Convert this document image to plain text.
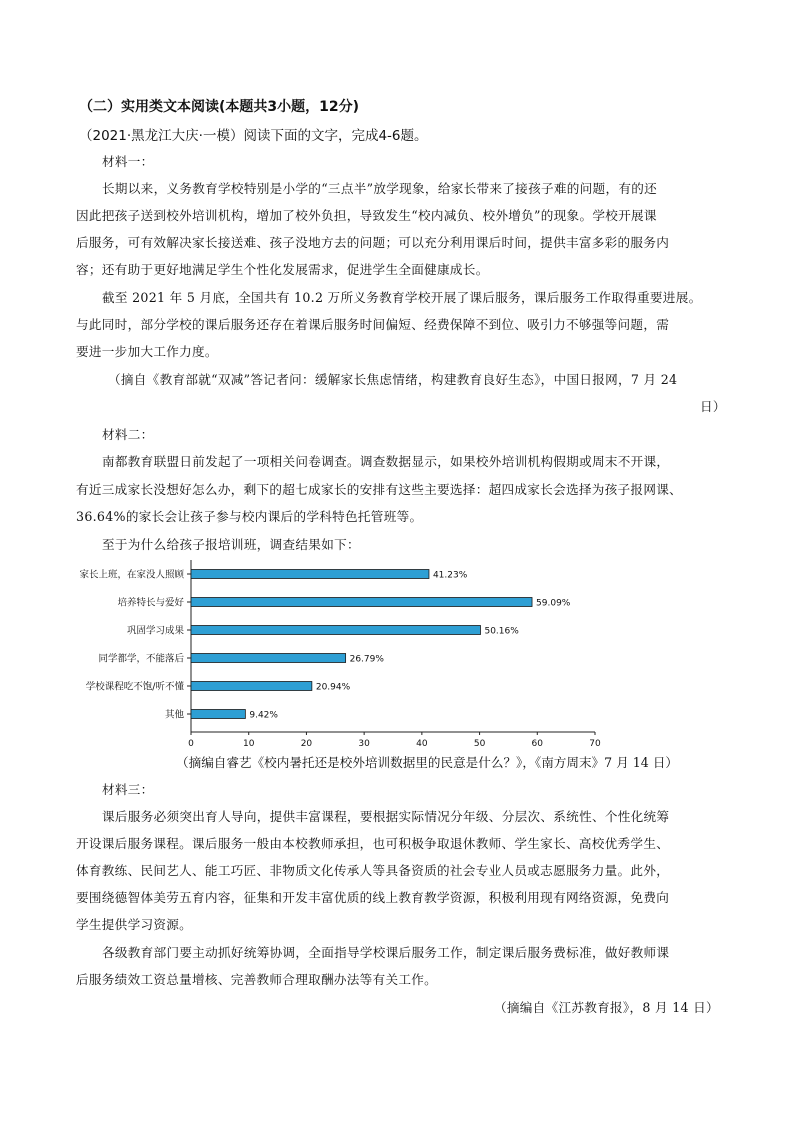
（二）实用类文本阅读(本题共3小题，12分)
（2021·黑龙江大庆·一模）阅读下面的文字，完成4-6题。
材料一：
长期以来，义务教育学校特别是小学的“三点半”放学现象，给家长带来了接孩子难的问题，有的还
因此把孩子送到校外培训机构，增加了校外负担，导致发生“校内减负、校外增负”的现象。学校开展课
后服务，可有效解决家长接送难、孩子没地方去的问题；可以充分利用课后时间，提供丰富多彩的服务内
容；还有助于更好地满足学生个性化发展需求，促进学生全面健康成长。
截至 2021 年 5 月底，全国共有 10.2 万所义务教育学校开展了课后服务，课后服务工作取得重要进展。
与此同时，部分学校的课后服务还存在着课后服务时间偏短、经费保障不到位、吸引力不够强等问题，需
要进一步加大工作力度。
（摘自《教育部就“双减”答记者问：缓解家长焦虑情绪，构建教育良好生态》，中国日报网，7 月 24
日）
材料二：
南都教育联盟日前发起了一项相关问卷调查。调查数据显示，如果校外培训机构假期或周末不开课，
有近三成家长没想好怎么办，剩下的超七成家长的安排有这些主要选择：超四成家长会选择为孩子报网课、
36.64%的家长会让孩子参与校内课后的学科特色托管班等。
至于为什么给孩子报培训班，调查结果如下：
家长上班，在家没人照顾	41.23%
培养特长与爱好	59.09%
巩固学习成果	50.16%
同学都学，不能落后	26.79%
学校课程吃不饱/听不懂	20.94%
其他	9.42%
0	10	20	30	40	50	60	70
（摘编自睿艺《校内暑托还是校外培训数据里的民意是什么？》，《南方周末》7 月 14 日）
材料三：
课后服务必须突出育人导向，提供丰富课程，要根据实际情况分年级、分层次、系统性、个性化统筹
开设课后服务课程。课后服务一般由本校教师承担，也可积极争取退休教师、学生家长、高校优秀学生、
体育教练、民间艺人、能工巧匠、非物质文化传承人等具备资质的社会专业人员或志愿服务力量。此外，
要围绕德智体美劳五育内容，征集和开发丰富优质的线上教育教学资源，积极利用现有网络资源，免费向
学生提供学习资源。
各级教育部门要主动抓好统筹协调，全面指导学校课后服务工作，制定课后服务费标准，做好教师课
后服务绩效工资总量增核、完善教师合理取酬办法等有关工作。
（摘编自《江苏教育报》，8 月 14 日）
